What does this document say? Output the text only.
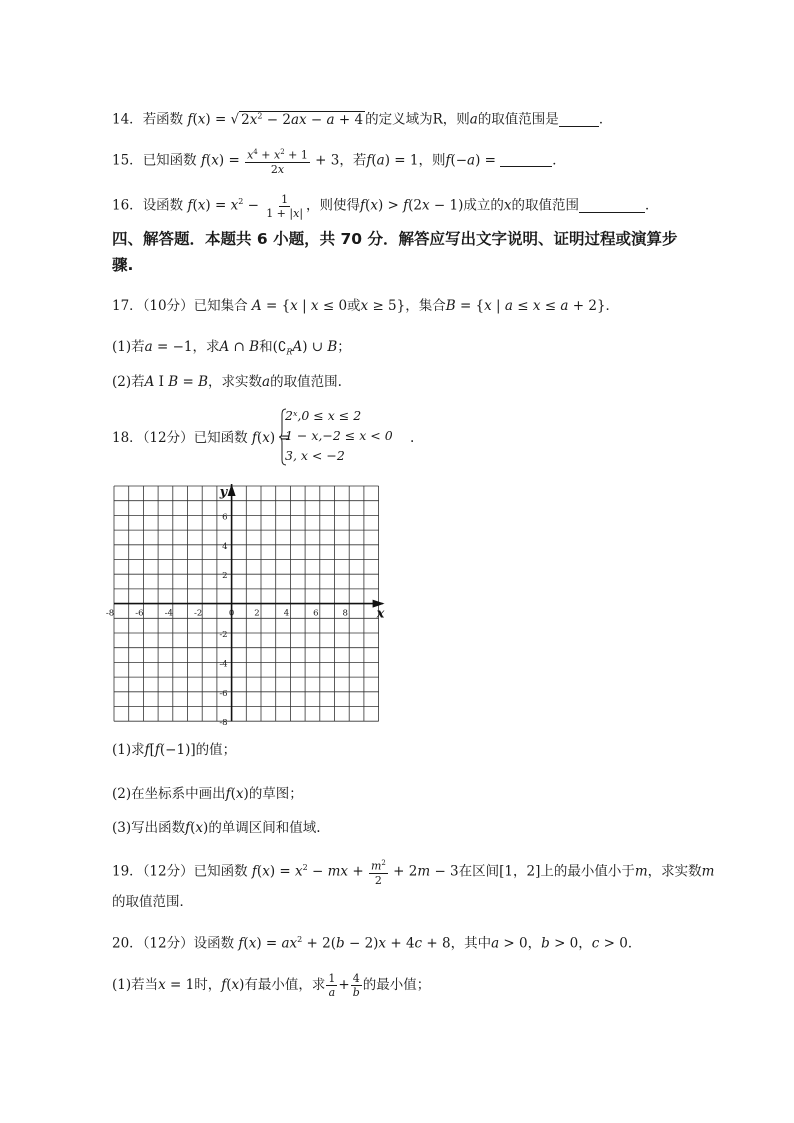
14．若函数 f(x) = √ $2x^2 - 2ax - a + 4$ 的定义域为R，则a的取值范围是	．
15．已知函数 $f(x) = \frac{x^4 + x^2 + 1}{2x} + 3$，若f(a) = 1，则f(−a) =	．
16．设函数 $f(x) = x^2 - \frac{1}{1 + |x|}$ ，则使得f(x) > f(2x − 1)成立的x的取值范围	．
四、解答题．本题共 6 小题，共 70 分．解答应写出文字说明、证明过程或演算步骤.
17．（10分）已知集合 A = {x | x ≤ 0或x ≥ 5}，集合B = {x | a ≤ x ≤ a + 2}．
(1)若a = −1，求A ∩ B和$(∁_RA)$ ∪ B；
(2)若A I B = B，求实数a的取值范围.
18．（12分）已知函数 f(x) =
2ˣ,0 ≤ x ≤ 2
1 − x,−2 ≤ x < 0
3, x < −2
.
-8 -6 -4 -2	0 2	4	6	8
6
4
2
-2
-4
-6
-8
x
y
(1)求f[f(−1)]的值；
(2)在坐标系中画出f(x)的草图；
(3)写出函数f(x)的单调区间和值域.
19．（12分）已知函数 $f(x) = x^2$ − mx + $\frac{m^2}{2} + 2m - 3$在区间[1，2]上的最小值小于m，求实数m
的取值范围．
20．（12分）设函数 $f(x) = ax^2 + 2(b - 2)x + 4c + 8$，其中a > 0，b > 0，c > 0．
(1)若当x = 1时，f(x)有最小值，求 $\frac{1}{a} + \frac{4}{b}$ 的最小值；
